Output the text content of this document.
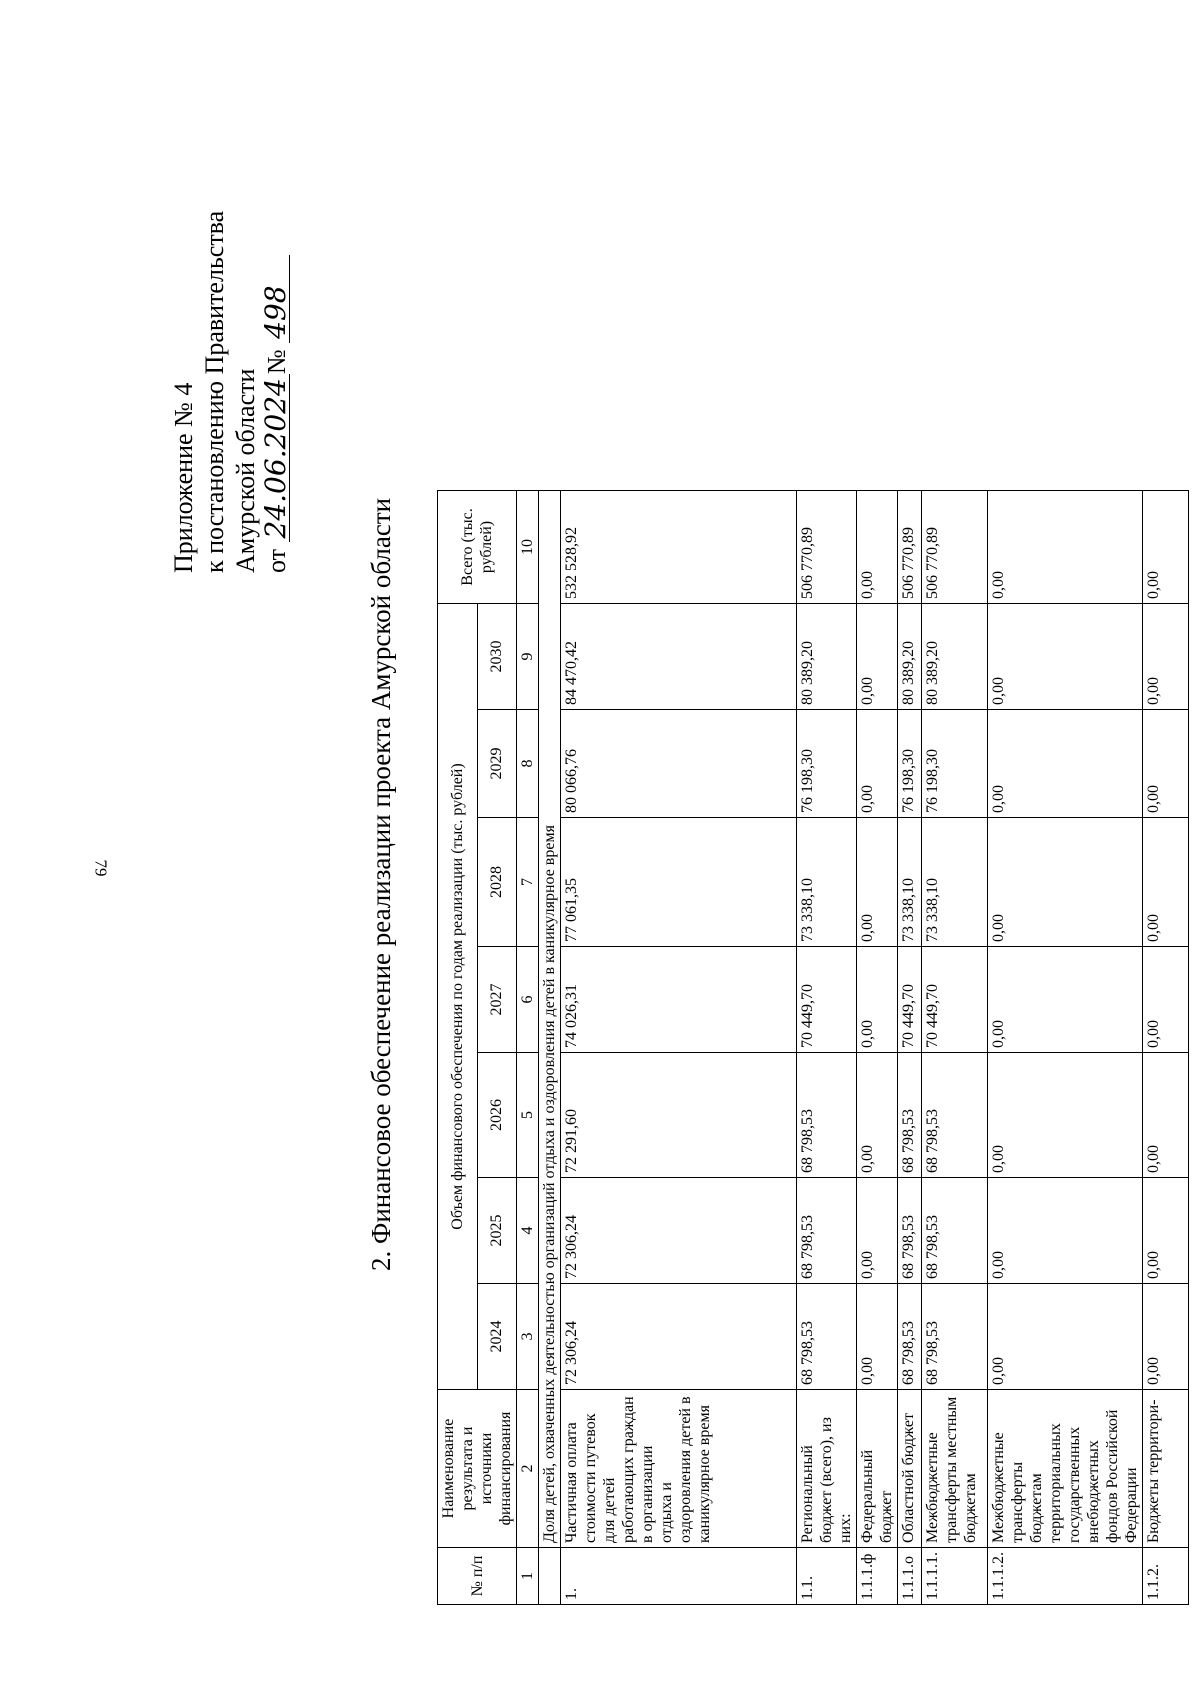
79
Приложение № 4 к постановлению Правительства Амурской области от 24.06.2024№ 498
2. Финансовое обеспечение реализации проекта Амурской области
№ п/п	Наименование результата и источники финансирования	Объем финансового обеспечения по годам реализации (тыс. рублей)							Всего (тыс. рублей)
		2024	2025	2026	2027	2028	2029	2030	
1	2	3	4	5	6	7	8	9	10
	Доля детей, охваченных деятельностью организаций отдыха и оздоровления детей в каникулярное время								
1.	Частичная оплата стоимости путевок для детей работающих граждан в организации отдыха и оздоровления детей в каникулярное время	72 306,24	72 306,24	72 291,60	74 026,31	77 061,35	80 066,76	84 470,42	532 528,92
1.1.	Региональный бюджет (всего), из них:	68 798,53	68 798,53	68 798,53	70 449,70	73 338,10	76 198,30	80 389,20	506 770,89
1.1.1.ф	Федеральный бюджет	0,00	0,00	0,00	0,00	0,00	0,00	0,00	0,00
1.1.1.о	Областной бюджет	68 798,53	68 798,53	68 798,53	70 449,70	73 338,10	76 198,30	80 389,20	506 770,89
1.1.1.1.	Межбюджетные трансферты местным бюджетам	68 798,53	68 798,53	68 798,53	70 449,70	73 338,10	76 198,30	80 389,20	506 770,89
1.1.1.2.	Межбюджетные трансферты бюджетам территориальных государственных внебюджетных фондов Российской Федерации	0,00	0,00	0,00	0,00	0,00	0,00	0,00	0,00
1.1.2.	Бюджеты территори-	0,00	0,00	0,00	0,00	0,00	0,00	0,00	0,00
